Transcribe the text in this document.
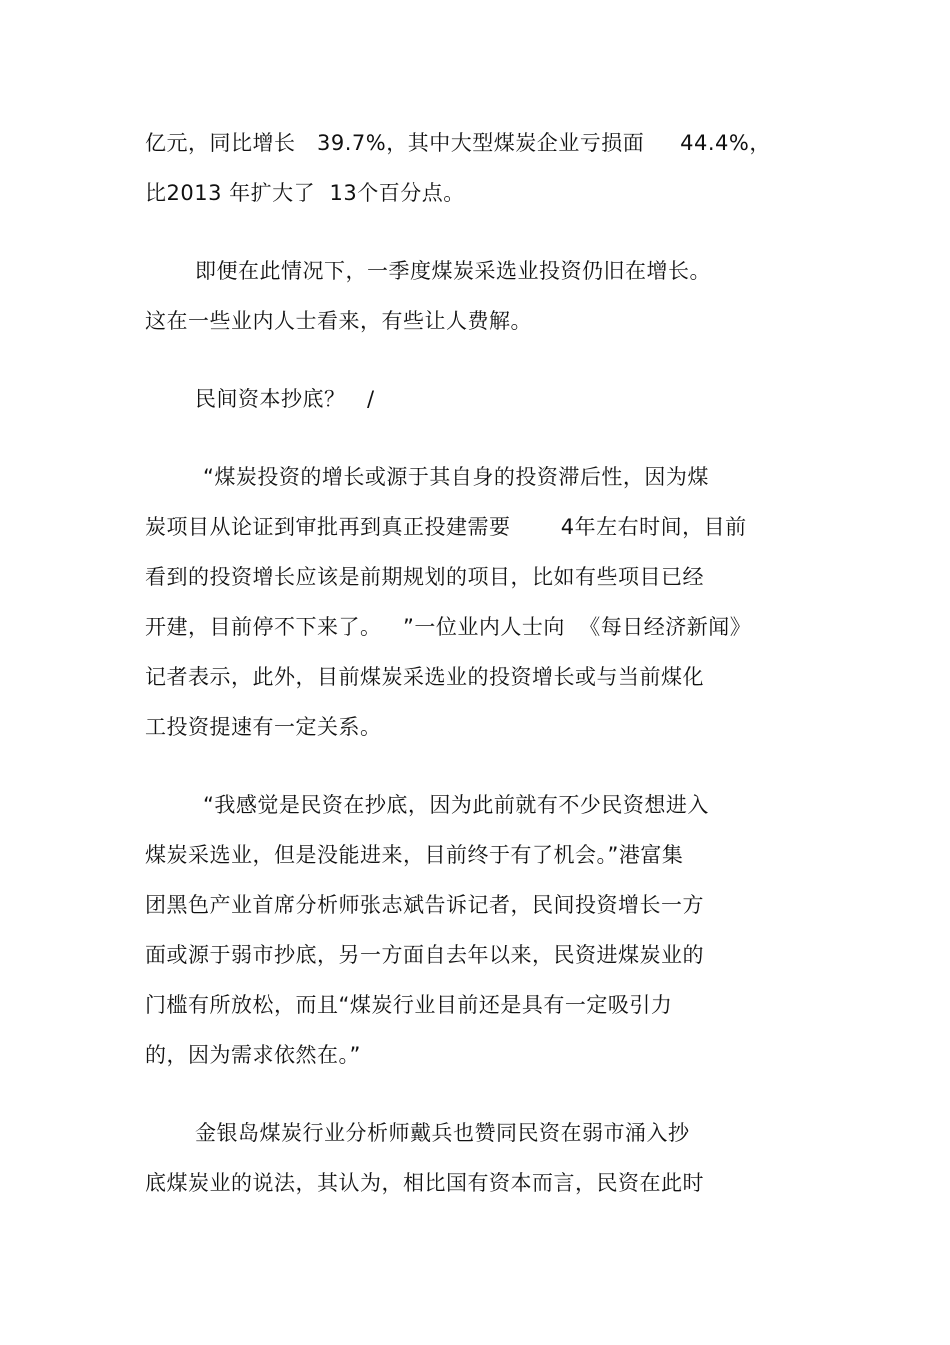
亿元，同比增长   39.7%，其中大型煤炭企业亏损面     44.4%，
比2013 年扩大了  13个百分点。
即便在此情况下，一季度煤炭采选业投资仍旧在增长。
这在一些业内人士看来，有些让人费解。
民间资本抄底？   /
“煤炭投资的增长或源于其自身的投资滞后性，因为煤
炭项目从论证到审批再到真正投建需要       4年左右时间，目前
看到的投资增长应该是前期规划的项目，比如有些项目已经
开建，目前停不下来了。   ”一位业内人士向  《每日经济新闻》
记者表示，此外，目前煤炭采选业的投资增长或与当前煤化
工投资提速有一定关系。
“我感觉是民资在抄底，因为此前就有不少民资想进入
煤炭采选业，但是没能进来，目前终于有了机会。”港富集
团黑色产业首席分析师张志斌告诉记者，民间投资增长一方
面或源于弱市抄底，另一方面自去年以来，民资进煤炭业的
门槛有所放松，而且“煤炭行业目前还是具有一定吸引力
的，因为需求依然在。”
金银岛煤炭行业分析师戴兵也赞同民资在弱市涌入抄
底煤炭业的说法，其认为，相比国有资本而言，民资在此时
